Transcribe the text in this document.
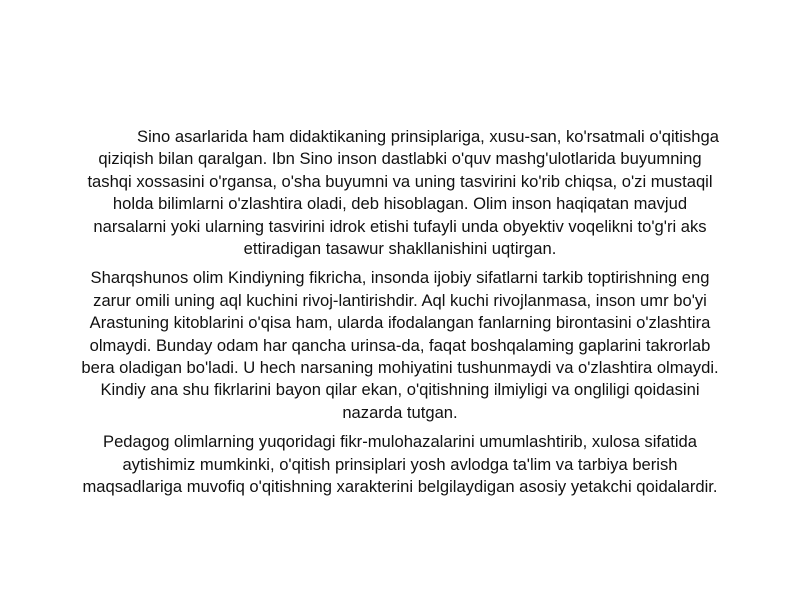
Sino asarlarida ham didaktikaning prinsiplariga, xusu-san, ko'rsatmali o'qitishga qiziqish bilan qaralgan. Ibn Sino inson dastlabki o'quv mashg'ulotlarida buyumning tashqi xossasini o'rgansa, o'sha buyumni va uning tasvirini ko'rib chiqsa, o'zi mustaqil holda bilimlarni o'zlashtira oladi, deb hisoblagan. Olim inson haqiqatan mavjud narsalarni yoki ularning tasvirini idrok etishi tufayli unda obyektiv voqelikni to'g'ri aks ettiradigan tasawur shakllanishini uqtirgan.

Sharqshunos olim Kindiyning fikricha, insonda ijobiy sifatlarni tarkib toptirishning eng zarur omili uning aql kuchini rivoj-lantirishdir. Aql kuchi rivojlanmasa, inson umr bo'yi Arastuning kitoblarini o'qisa ham, ularda ifodalangan fanlarning birontasini o'zlashtira olmaydi. Bunday odam har qancha urinsa-da, faqat boshqalaming gaplarini takrorlab bera oladigan bo'ladi. U hech narsaning mohiyatini tushunmaydi va o'zlashtira olmaydi. Kindiy ana shu fikrlarini bayon qilar ekan, o'qitishning ilmiyligi va ongliligi qoidasini nazarda tutgan.

Pedagog olimlarning yuqoridagi fikr-mulohazalarini umumlashtirib, xulosa sifatida aytishimiz mumkinki, o'qitish prinsiplari yosh avlodga ta'lim va tarbiya berish maqsadlariga muvofiq o'qitishning xarakterini belgilaydigan asosiy yetakchi qoidalardir.
